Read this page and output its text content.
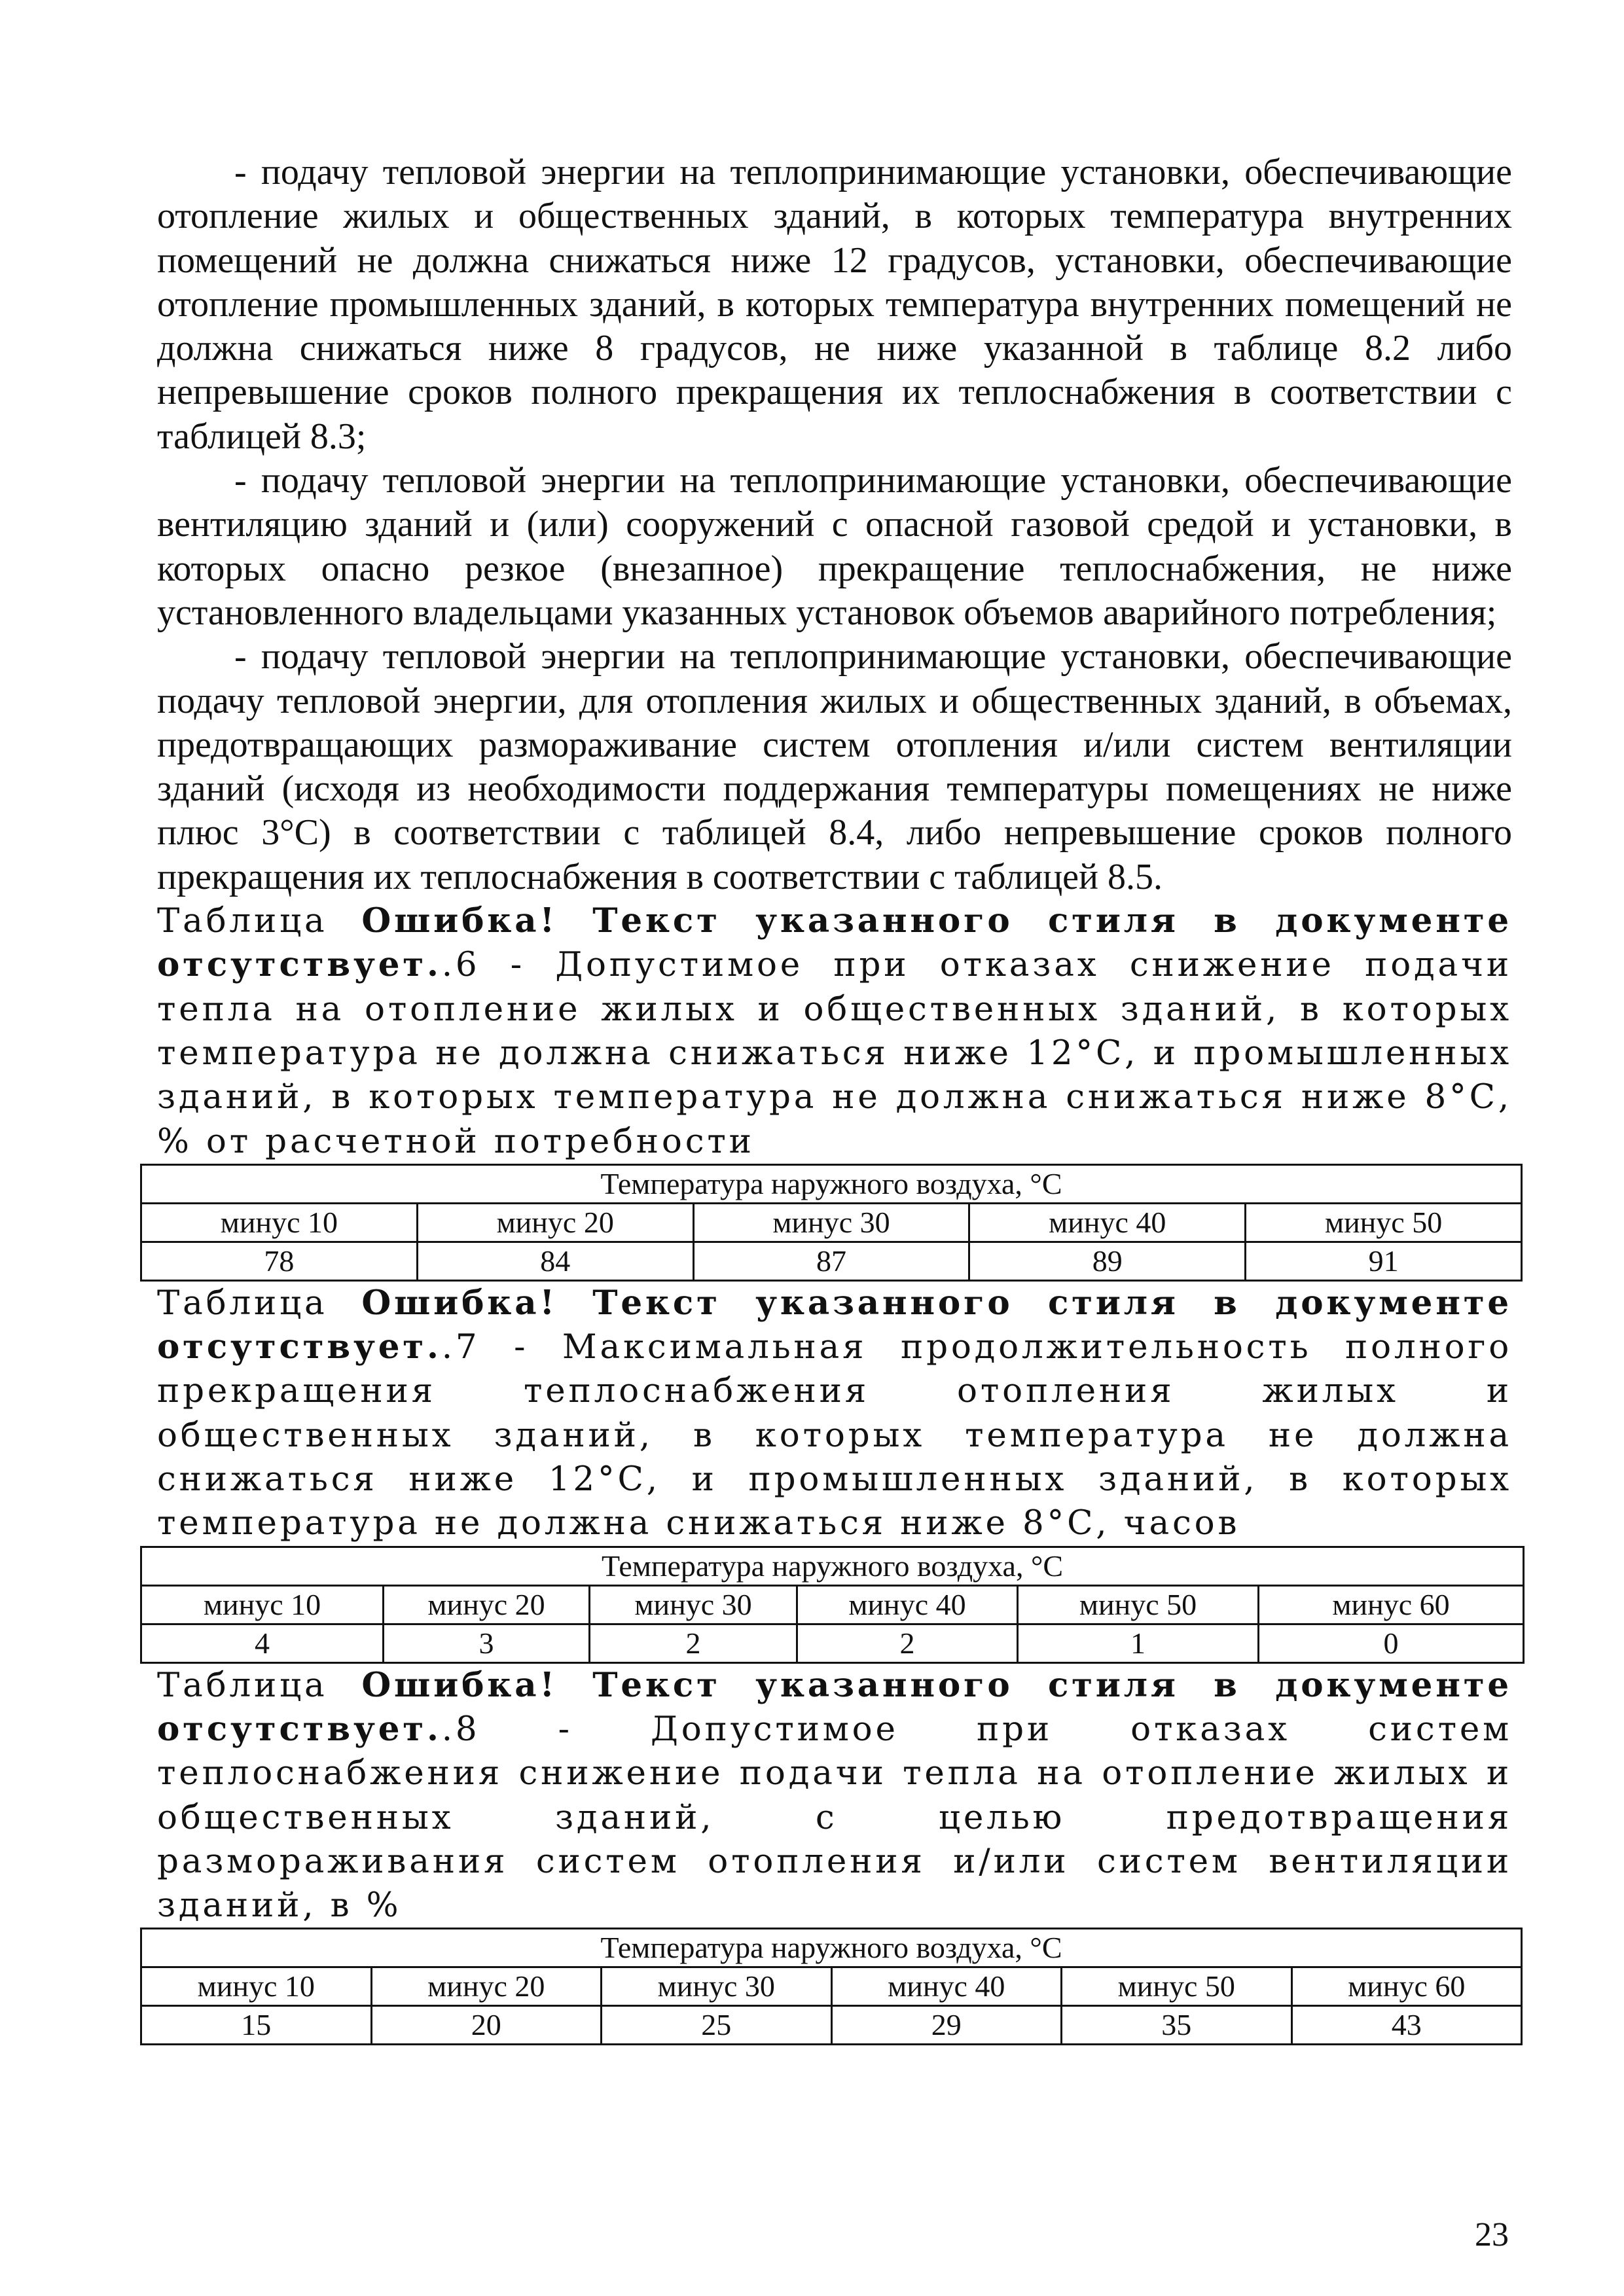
- подачу тепловой энергии на теплопринимающие установки, обеспечивающие отопление жилых и общественных зданий, в которых температура внутренних помещений не должна снижаться ниже 12 градусов, установки, обеспечивающие отопление промышленных зданий, в которых температура внутренних помещений не должна снижаться ниже 8 градусов, не ниже указанной в таблице 8.2 либо непревышение сроков полного прекращения их теплоснабжения в соответствии с таблицей 8.3;

- подачу тепловой энергии на теплопринимающие установки, обеспечивающие вентиляцию зданий и (или) сооружений с опасной газовой средой и установки, в которых опасно резкое (внезапное) прекращение теплоснабжения, не ниже установленного владельцами указанных установок объемов аварийного потребления;

- подачу тепловой энергии на теплопринимающие установки, обеспечивающие подачу тепловой энергии, для отопления жилых и общественных зданий, в объемах, предотвращающих размораживание систем отопления и/или систем вентиляции зданий (исходя из необходимости поддержания температуры помещениях не ниже плюс 3°С) в соответствии с таблицей 8.4, либо непревышение сроков полного прекращения их теплоснабжения в соответствии с таблицей 8.5.

Таблица Ошибка! Текст указанного стиля в документе отсутствует..6 - Допустимое при отказах снижение подачи тепла на отопление жилых и общественных зданий, в которых температура не должна снижаться ниже 12°С, и промышленных зданий, в которых температура не должна снижаться ниже 8°С, % от расчетной потребности

Температура наружного воздуха, °С				
минус 10	минус 20	минус 30	минус 40	минус 50
78	84	87	89	91

Таблица Ошибка! Текст указанного стиля в документе отсутствует..7 - Максимальная продолжительность полного прекращения теплоснабжения отопления жилых и общественных зданий, в которых температура не должна снижаться ниже 12°С, и промышленных зданий, в которых температура не должна снижаться ниже 8°С, часов

Температура наружного воздуха, °С					
минус 10	минус 20	минус 30	минус 40	минус 50	минус 60
4	3	2	2	1	0

Таблица Ошибка! Текст указанного стиля в документе отсутствует..8 - Допустимое при отказах систем теплоснабжения снижение подачи тепла на отопление жилых и общественных зданий, с целью предотвращения размораживания систем отопления и/или систем вентиляции зданий, в %

Температура наружного воздуха, °С					
минус 10	минус 20	минус 30	минус 40	минус 50	минус 60
15	20	25	29	35	43
23
